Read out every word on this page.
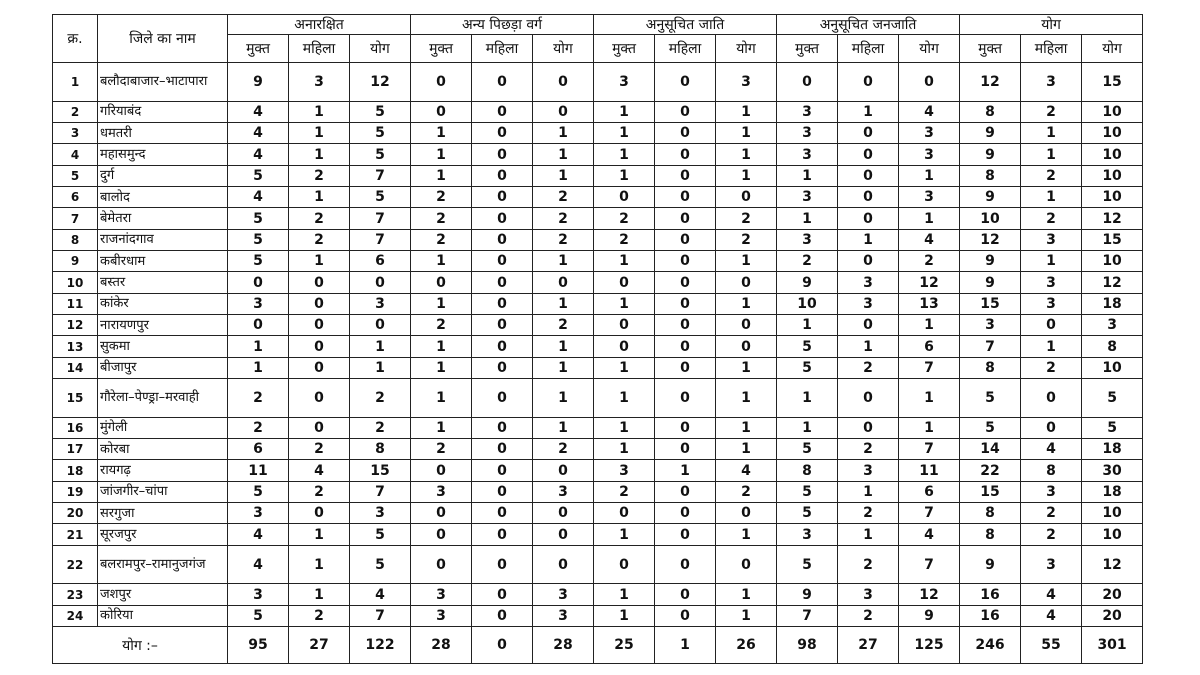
क्र.	जिले का नाम	अनारक्षित			अन्य पिछड़ा वर्ग			अनुसूचित जाति			अनुसूचित जनजाति			योग		
		मुक्त	महिला	योग	मुक्त	महिला	योग	मुक्त	महिला	योग	मुक्त	महिला	योग	मुक्त	महिला	योग
1	बलौदाबाजार–भाटापारा	9	3	12	0	0	0	3	0	3	0	0	0	12	3	15
2	गरियाबंद	4	1	5	0	0	0	1	0	1	3	1	4	8	2	10
3	धमतरी	4	1	5	1	0	1	1	0	1	3	0	3	9	1	10
4	महासमुन्द	4	1	5	1	0	1	1	0	1	3	0	3	9	1	10
5	दुर्ग	5	2	7	1	0	1	1	0	1	1	0	1	8	2	10
6	बालोद	4	1	5	2	0	2	0	0	0	3	0	3	9	1	10
7	बेमेतरा	5	2	7	2	0	2	2	0	2	1	0	1	10	2	12
8	राजनांदगाव	5	2	7	2	0	2	2	0	2	3	1	4	12	3	15
9	कबीरधाम	5	1	6	1	0	1	1	0	1	2	0	2	9	1	10
10	बस्तर	0	0	0	0	0	0	0	0	0	9	3	12	9	3	12
11	कांकेर	3	0	3	1	0	1	1	0	1	10	3	13	15	3	18
12	नारायणपुर	0	0	0	2	0	2	0	0	0	1	0	1	3	0	3
13	सुकमा	1	0	1	1	0	1	0	0	0	5	1	6	7	1	8
14	बीजापुर	1	0	1	1	0	1	1	0	1	5	2	7	8	2	10
15	गौरेला–पेण्ड्रा–मरवाही	2	0	2	1	0	1	1	0	1	1	0	1	5	0	5
16	मुंगेली	2	0	2	1	0	1	1	0	1	1	0	1	5	0	5
17	कोरबा	6	2	8	2	0	2	1	0	1	5	2	7	14	4	18
18	रायगढ़	11	4	15	0	0	0	3	1	4	8	3	11	22	8	30
19	जांजगीर–चांपा	5	2	7	3	0	3	2	0	2	5	1	6	15	3	18
20	सरगुजा	3	0	3	0	0	0	0	0	0	5	2	7	8	2	10
21	सूरजपुर	4	1	5	0	0	0	1	0	1	3	1	4	8	2	10
22	बलरामपुर–रामानुजगंज	4	1	5	0	0	0	0	0	0	5	2	7	9	3	12
23	जशपुर	3	1	4	3	0	3	1	0	1	9	3	12	16	4	20
24	कोरिया	5	2	7	3	0	3	1	0	1	7	2	9	16	4	20
योग :–		95	27	122	28	0	28	25	1	26	98	27	125	246	55	301
